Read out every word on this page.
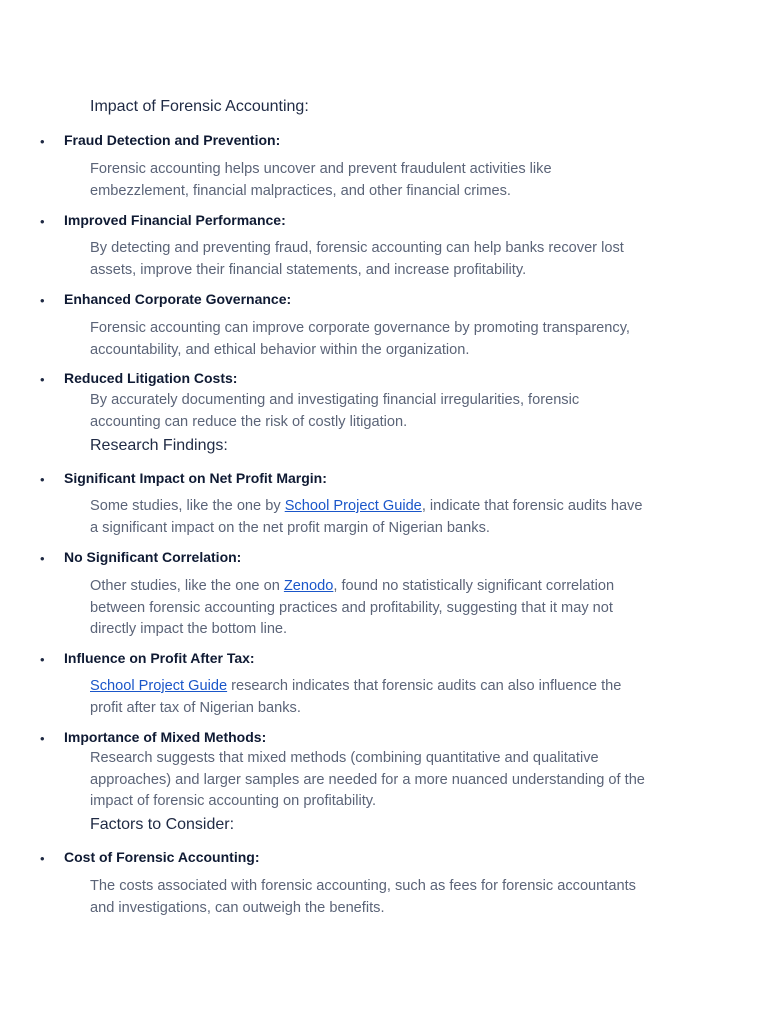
Impact of Forensic Accounting:
• Fraud Detection and Prevention:
Forensic accounting helps uncover and prevent fraudulent activities like
embezzlement, financial malpractices, and other financial crimes.
• Improved Financial Performance:
By detecting and preventing fraud, forensic accounting can help banks recover lost
assets, improve their financial statements, and increase profitability.
• Enhanced Corporate Governance:
Forensic accounting can improve corporate governance by promoting transparency,
accountability, and ethical behavior within the organization.
• Reduced Litigation Costs:
By accurately documenting and investigating financial irregularities, forensic
accounting can reduce the risk of costly litigation.
Research Findings:
• Significant Impact on Net Profit Margin:
Some studies, like the one by School Project Guide, indicate that forensic audits have
a significant impact on the net profit margin of Nigerian banks.
• No Significant Correlation:
Other studies, like the one on Zenodo, found no statistically significant correlation
between forensic accounting practices and profitability, suggesting that it may not
directly impact the bottom line.
• Influence on Profit After Tax:
School Project Guide research indicates that forensic audits can also influence the
profit after tax of Nigerian banks.
• Importance of Mixed Methods:
Research suggests that mixed methods (combining quantitative and qualitative
approaches) and larger samples are needed for a more nuanced understanding of the
impact of forensic accounting on profitability.
Factors to Consider:
• Cost of Forensic Accounting:
The costs associated with forensic accounting, such as fees for forensic accountants
and investigations, can outweigh the benefits.
